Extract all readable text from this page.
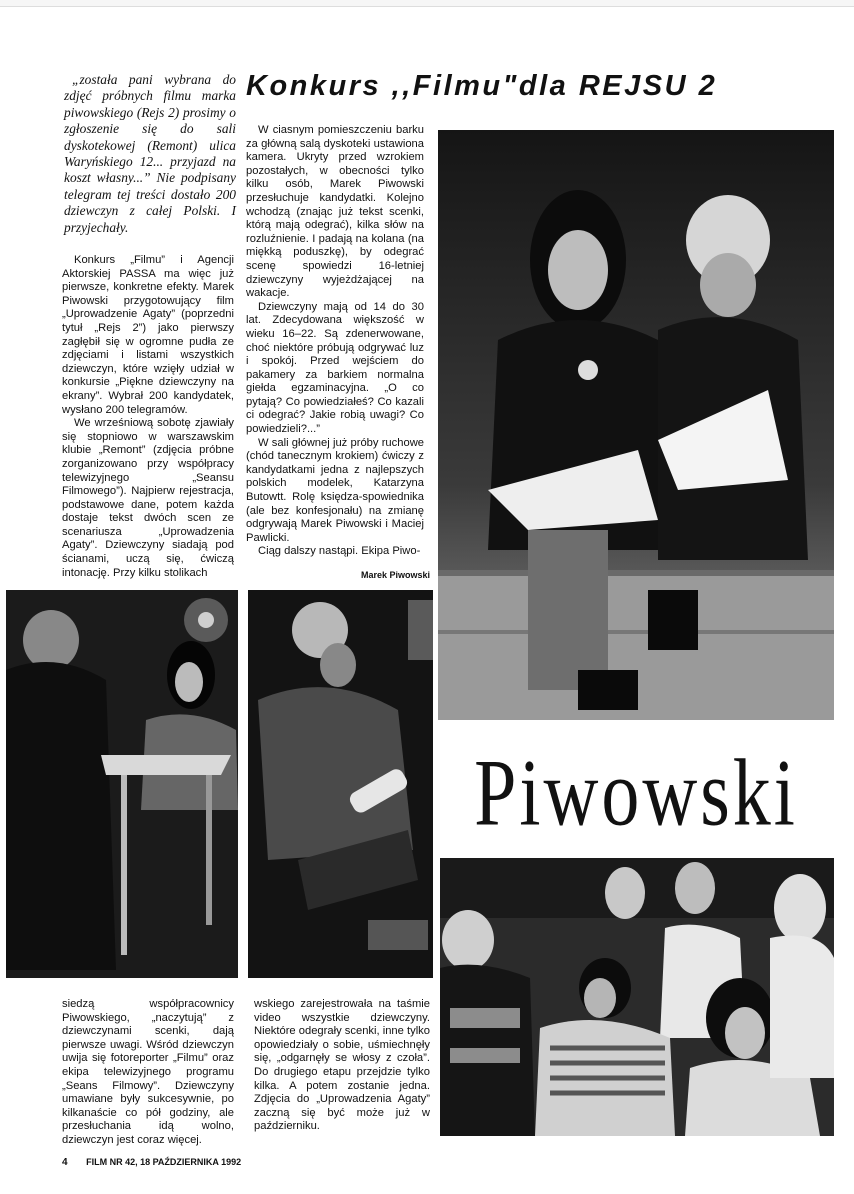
„została pani wybrana do zdjęć próbnych filmu marka piwowskiego (Rejs 2) prosimy o zgłoszenie się do sali dyskotekowej (Remont) ulica Waryńskiego 12... przyjazd na koszt własny...” Nie podpisany telegram tej treści dostało 200 dziewczyn z całej Polski. I przyjechały.
Konkurs ,,Filmu"dla REJSU 2

Konkurs „Filmu” i Agencji Aktorskiej PASSA ma więc już pierwsze, konkretne efekty. Marek Piwowski przygotowujący film „Uprowadzenie Agaty” (poprzedni tytuł „Rejs 2”) jako pierwszy zagłębił się w ogromne pudła ze zdjęciami i listami wszystkich dziewczyn, które wzięły udział w konkursie „Piękne dziewczyny na ekrany”. Wybrał 200 kandydatek, wysłano 200 telegramów.

We wrześniową sobotę zjawiały się stopniowo w warszawskim klubie „Remont” (zdjęcia próbne zorganizowano przy współpracy telewizyjnego „Seansu Filmowego”). Najpierw rejestracja, podstawowe dane, potem każda dostaje tekst dwóch scen ze scenariusza „Uprowadzenia Agaty”. Dziewczyny siadają pod ścianami, uczą się, ćwiczą intonację. Przy kilku stolikach

W ciasnym pomieszczeniu barku za główną salą dyskoteki ustawiona kamera. Ukryty przed wzrokiem pozostałych, w obecności tylko kilku osób, Marek Piwowski przesłuchuje kandydatki. Kolejno wchodzą (znając już tekst scenki, którą mają odegrać), kilka słów na rozluźnienie. I padają na kolana (na miękką poduszkę), by odegrać scenę spowiedzi 16-letniej dziewczyny wyjeżdżającej na wakacje.

Dziewczyny mają od 14 do 30 lat. Zdecydowana większość w wieku 16–22. Są zdenerwowane, choć niektóre próbują odgrywać luz i spokój. Przed wejściem do pakamery za barkiem normalna giełda egzaminacyjna. „O co pytają? Co powiedziałeś? Co kazali ci odegrać? Jakie robią uwagi? Co powiedzieli?...”

W sali głównej już próby ruchowe (chód tanecznym krokiem) ćwiczy z kandydatkami jedna z najlepszych polskich modelek, Katarzyna Butowtt. Rolę księdza-spowiednika (ale bez konfesjonału) na zmianę odgrywają Marek Piwowski i Maciej Pawlicki.

Ciąg dalszy nastąpi. Ekipa Piwo-

Marek Piwowski
Piwowski

siedzą współpracownicy Piwowskiego, „naczytują” z dziewczynami scenki, dają pierwsze uwagi. Wśród dziewczyn uwija się fotoreporter „Filmu” oraz ekipa telewizyjnego programu „Seans Filmowy”. Dziewczyny umawiane były sukcesywnie, po kilkanaście co pół godziny, ale przesłuchania idą wolno, dziewczyn jest coraz więcej.

wskiego zarejestrowała na taśmie video wszystkie dziewczyny. Niektóre odegrały scenki, inne tylko opowiedziały o sobie, uśmiechnęły się, „odgarnęły se włosy z czoła”. Do drugiego etapu przejdzie tylko kilka. A potem zostanie jedna. Zdjęcia do „Uprowadzenia Agaty” zaczną się być może już w październiku.

4 FILM NR 42, 18 PAŹDZIERNIKA 1992
